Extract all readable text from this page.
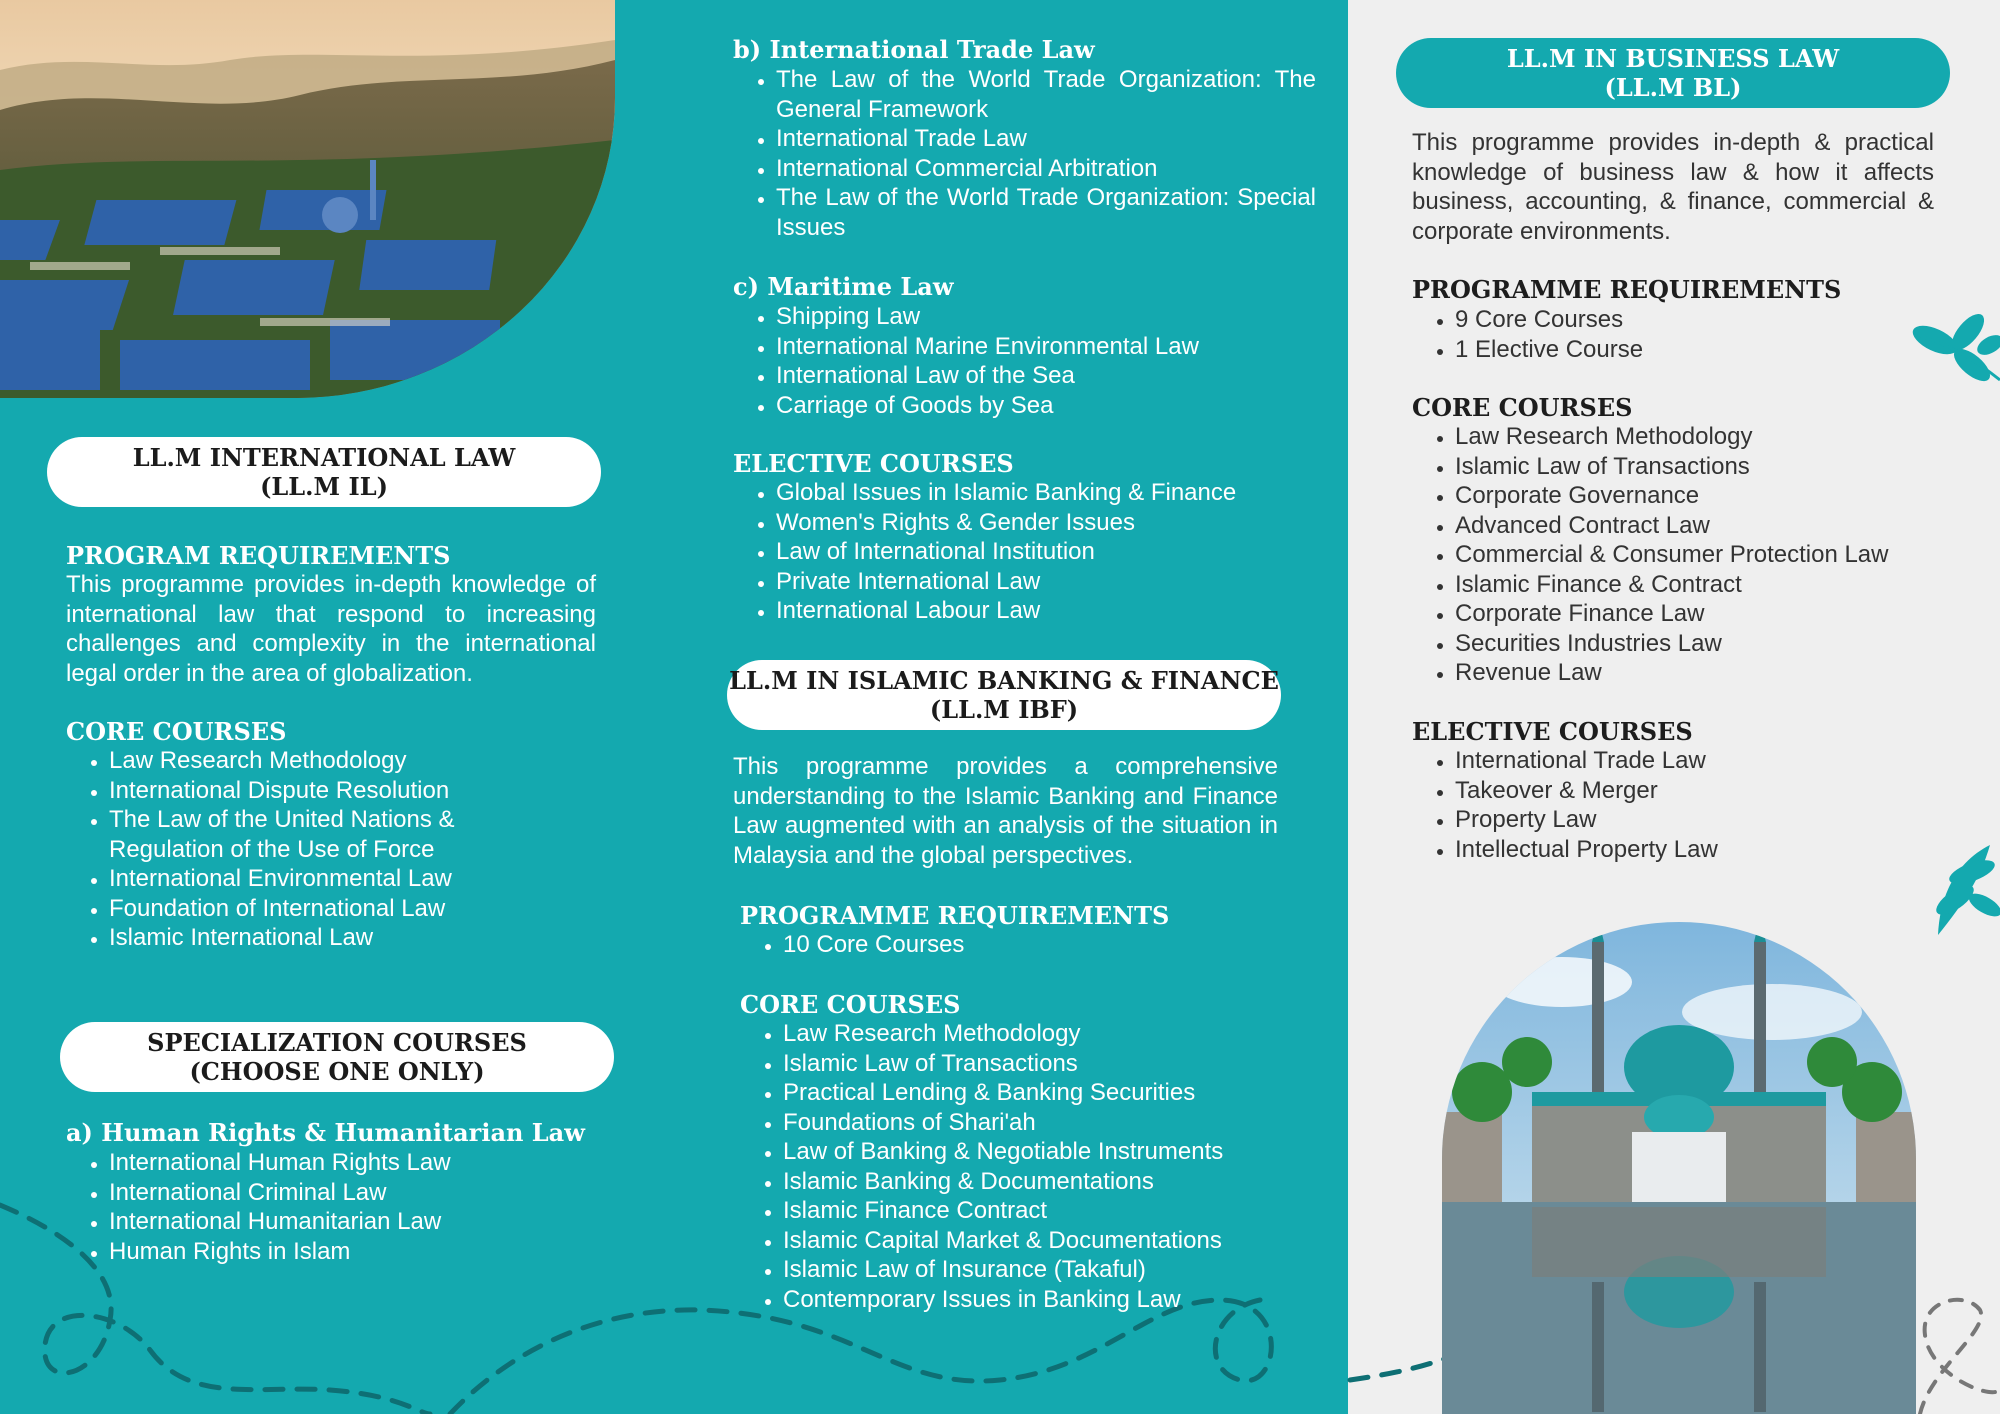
LL.M INTERNATIONAL LAW
(LL.M IL)
PROGRAM REQUIREMENTS
This programme provides in-depth knowledge of international law that respond to increasing challenges and complexity in the international legal order in the area of globalization.
CORE COURSES
• Law Research Methodology
• International Dispute Resolution
• The Law of the United Nations & Regulation of the Use of Force
• International Environmental Law
• Foundation of International Law
• Islamic International Law
SPECIALIZATION COURSES
(CHOOSE ONE ONLY)
a) Human Rights & Humanitarian Law
• International Human Rights Law
• International Criminal Law
• International Humanitarian Law
• Human Rights in Islam
b) International Trade Law
• The Law of the World Trade Organization: The General Framework
• International Trade Law
• International Commercial Arbitration
• The Law of the World Trade Organization: Special Issues
c) Maritime Law
• Shipping Law
• International Marine Environmental Law
• International Law of the Sea
• Carriage of Goods by Sea
ELECTIVE COURSES
• Global Issues in Islamic Banking & Finance
• Women's Rights & Gender Issues
• Law of International Institution
• Private International Law
• International Labour Law
LL.M IN ISLAMIC BANKING & FINANCE
(LL.M IBF)
This programme provides a comprehensive understanding to the Islamic Banking and Finance Law augmented with an analysis of the situation in Malaysia and the global perspectives.
PROGRAMME REQUIREMENTS
• 10 Core Courses
CORE COURSES
• Law Research Methodology
• Islamic Law of Transactions
• Practical Lending & Banking Securities
• Foundations of Shari'ah
• Law of Banking & Negotiable Instruments
• Islamic Banking & Documentations
• Islamic Finance Contract
• Islamic Capital Market & Documentations
• Islamic Law of Insurance (Takaful)
• Contemporary Issues in Banking Law
LL.M IN BUSINESS LAW
(LL.M BL)
This programme provides in-depth & practical knowledge of business law & how it affects business, accounting, & finance, commercial & corporate environments.
PROGRAMME REQUIREMENTS
• 9 Core Courses
• 1 Elective Course
CORE COURSES
• Law Research Methodology
• Islamic Law of Transactions
• Corporate Governance
• Advanced Contract Law
• Commercial & Consumer Protection Law
• Islamic Finance & Contract
• Corporate Finance Law
• Securities Industries Law
• Revenue Law
ELECTIVE COURSES
• International Trade Law
• Takeover & Merger
• Property Law
• Intellectual Property Law
